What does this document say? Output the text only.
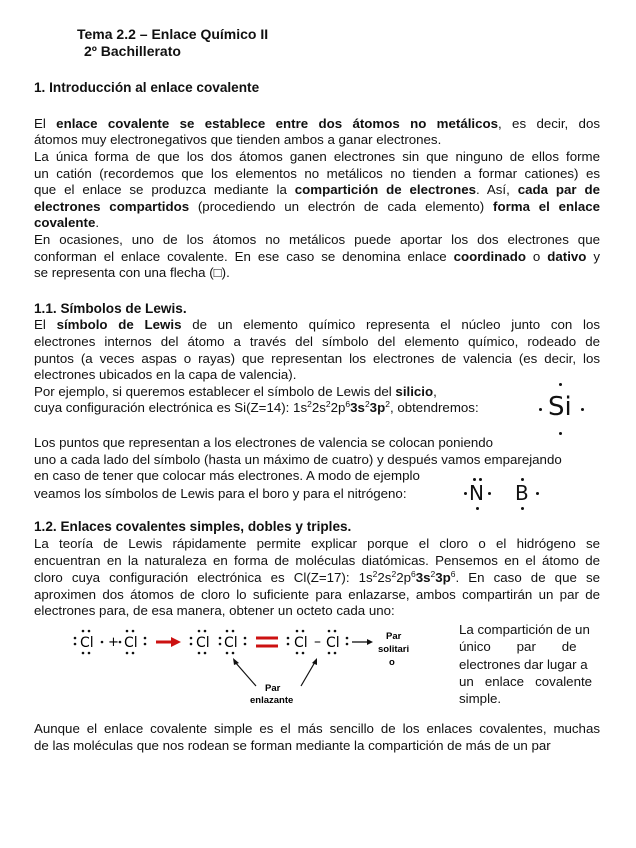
Tema 2.2 – Enlace Químico II
2º Bachillerato
1. Introducción al enlace covalente
El enlace covalente se establece entre dos átomos no metálicos, es decir, dos
átomos muy electronegativos que tienden ambos a ganar electrones.
La única forma de que los dos átomos ganen electrones sin que ninguno de ellos forme
un catión (recordemos que los elementos no metálicos no tienden a formar cationes) es
que el enlace se produzca mediante la compartición de electrones. Así, cada par de
electrones compartidos (procediendo un electrón de cada elemento) forma el enlace
covalente.
En ocasiones, uno de los átomos no metálicos puede aportar los dos electrones que
conforman el enlace covalente. En ese caso se denomina enlace coordinado o dativo y
se representa con una flecha (□).
1.1. Símbolos de Lewis.
El símbolo de Lewis de un elemento químico representa el núcleo junto con los
electrones internos del átomo a través del símbolo del elemento químico, rodeado de
puntos (a veces aspas o rayas) que representan los electrones de valencia (es decir, los
electrones ubicados en la capa de valencia).
Por ejemplo, si queremos establecer el símbolo de Lewis del silicio,
cuya configuración electrónica es Si(Z=14): $1s^22s^22p^63s^23p^2$, obtendremos:	Si
Los puntos que representan a los electrones de valencia se colocan poniendo
uno a cada lado del símbolo (hasta un máximo de cuatro) y después vamos emparejando
en caso de tener que colocar más electrones. A modo de ejemplo
veamos los símbolos de Lewis para el boro y para el nitrógeno:	N B
1.2. Enlaces covalentes simples, dobles y triples.
La teoría de Lewis rápidamente permite explicar porque el cloro o el hidrógeno se
encuentran en la naturaleza en forma de moléculas diatómicas. Pensemos en el átomo de
cloro cuya configuración electrónica es Cl(Z=17): $1s^22s^22p^63s^23p^6$. En caso de que se
aproximen dos átomos de cloro lo suficiente para enlazarse, ambos compartirán un par de
electrones para, de esa manera, obtener un octeto cada uno:
Cl + Cl	Cl Cl	Cl – Cl	Par
solitari
o
Par
enlazante
La compartición de un
único       par       de
electrones dar lugar a
un   enlace   covalente
simple.
Aunque el enlace covalente simple es el más sencillo de los enlaces covalentes, muchas
de las moléculas que nos rodean se forman mediante la compartición de más de un par
